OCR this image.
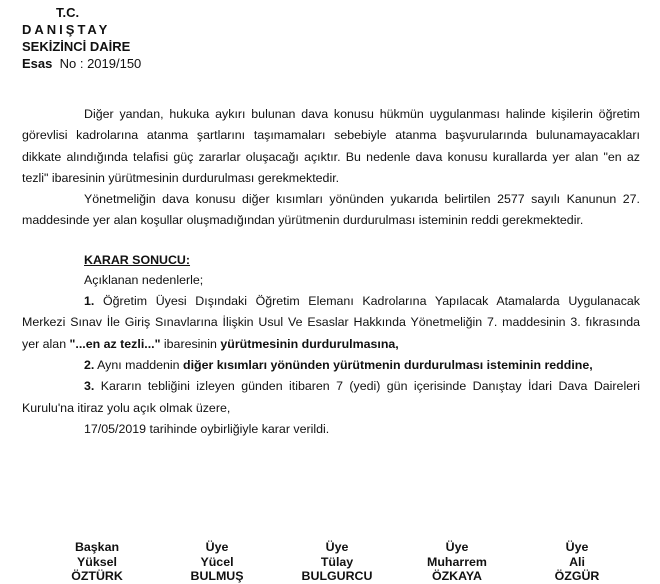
T.C.
DANIŞTAY
SEKİZİNCİ DAİRE
Esas No : 2019/150

Diğer yandan, hukuka aykırı bulunan dava konusu hükmün uygulanması halinde kişilerin öğretim görevlisi kadrolarına atanma şartlarını taşımamaları sebebiyle atanma başvurularında bulunamayacakları dikkate alındığında telafisi güç zararlar oluşacağı açıktır. Bu nedenle dava konusu kurallarda yer alan "en az tezli" ibaresinin yürütmesinin durdurulması gerekmektedir.

Yönetmeliğin dava konusu diğer kısımları yönünden yukarıda belirtilen 2577 sayılı Kanunun 27. maddesinde yer alan koşullar oluşmadığından yürütmenin durdurulması isteminin reddi gerekmektedir.

KARAR SONUCU:

Açıklanan nedenlerle;

1. Öğretim Üyesi Dışındaki Öğretim Elemanı Kadrolarına Yapılacak Atamalarda Uygulanacak Merkezi Sınav İle Giriş Sınavlarına İlişkin Usul Ve Esaslar Hakkında Yönetmeliğin 7. maddesinin 3. fıkrasında yer alan "...en az tezli..." ibaresinin yürütmesinin durdurulmasına,

2. Aynı maddenin diğer kısımları yönünden yürütmenin durdurulması isteminin reddine,

3. Kararın tebliğini izleyen günden itibaren 7 (yedi) gün içerisinde Danıştay İdari Dava Daireleri Kurulu'na itiraz yolu açık olmak üzere,

17/05/2019 tarihinde oybirliğiyle karar verildi.

Başkan
Yüksel
ÖZTÜRK
Üye
Yücel
BULMUŞ
Üye
Tülay
BULGURCU
Üye
Muharrem
ÖZKAYA
Üye
Ali
ÖZGÜR
